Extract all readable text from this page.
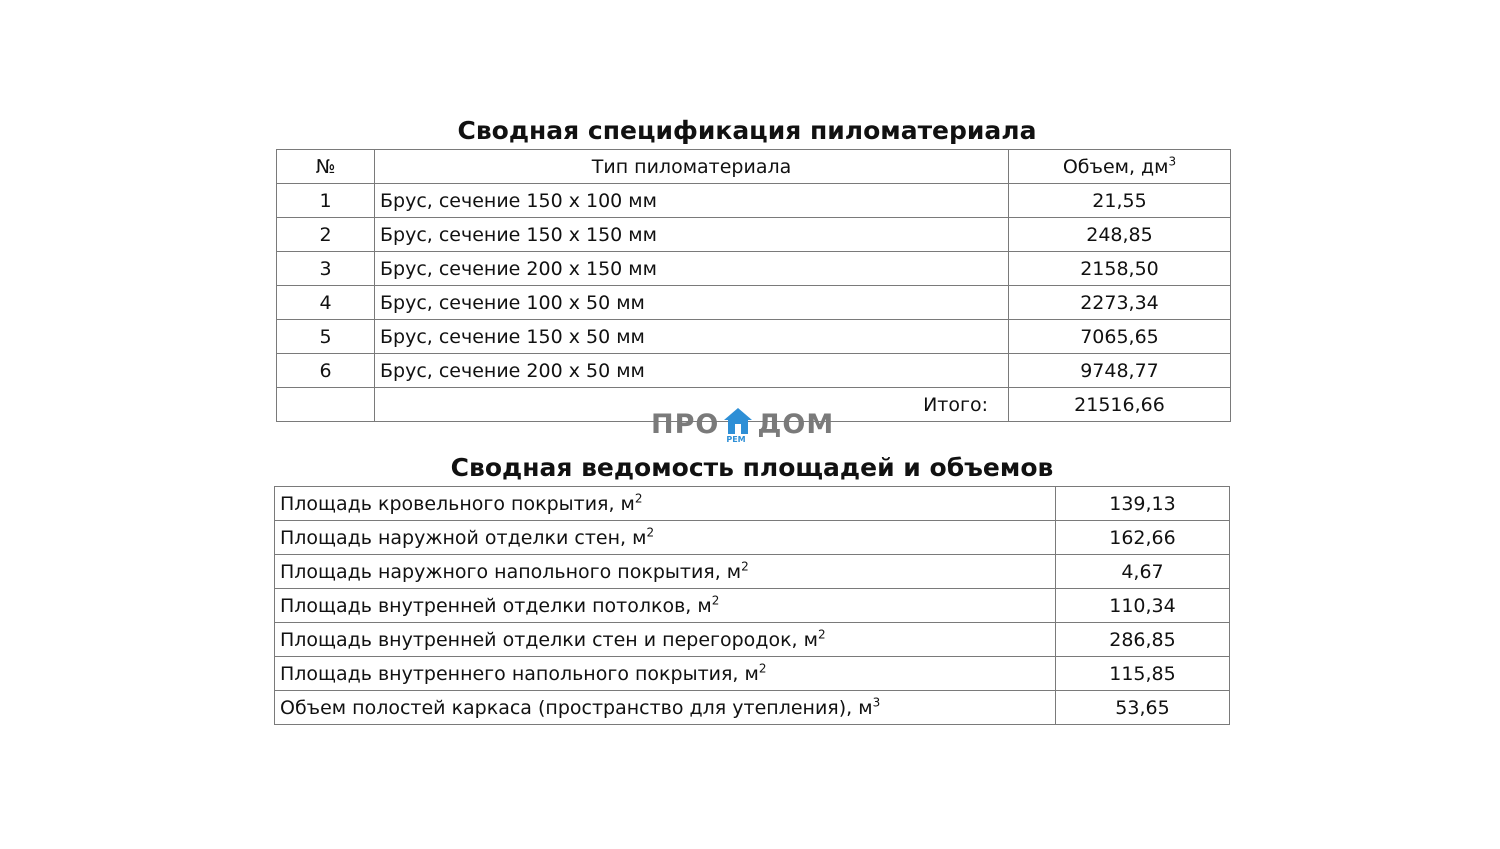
Сводная спецификация пиломатериала
№	Тип пиломатериала	Объем, $дм^3$
1	Брус, сечение 150 х 100 мм	21,55
2	Брус, сечение 150 х 150 мм	248,85
3	Брус, сечение 200 х 150 мм	2158,50
4	Брус, сечение 100 х 50 мм	2273,34
5	Брус, сечение 150 х 50 мм	7065,65
6	Брус, сечение 200 х 50 мм	9748,77
	Итого:	21516,66
ПРО РЕМ ДОМ
Сводная ведомость площадей и объемов
Площадь кровельного покрытия, $м^2$	139,13
Площадь наружной отделки стен, $м^2$	162,66
Площадь наружного напольного покрытия, $м^2$	4,67
Площадь внутренней отделки потолков, $м^2$	110,34
Площадь внутренней отделки стен и перегородок, $м^2$	286,85
Площадь внутреннего напольного покрытия, $м^2$	115,85
Объем полостей каркаса (пространство для утепления), $м^3$	53,65
